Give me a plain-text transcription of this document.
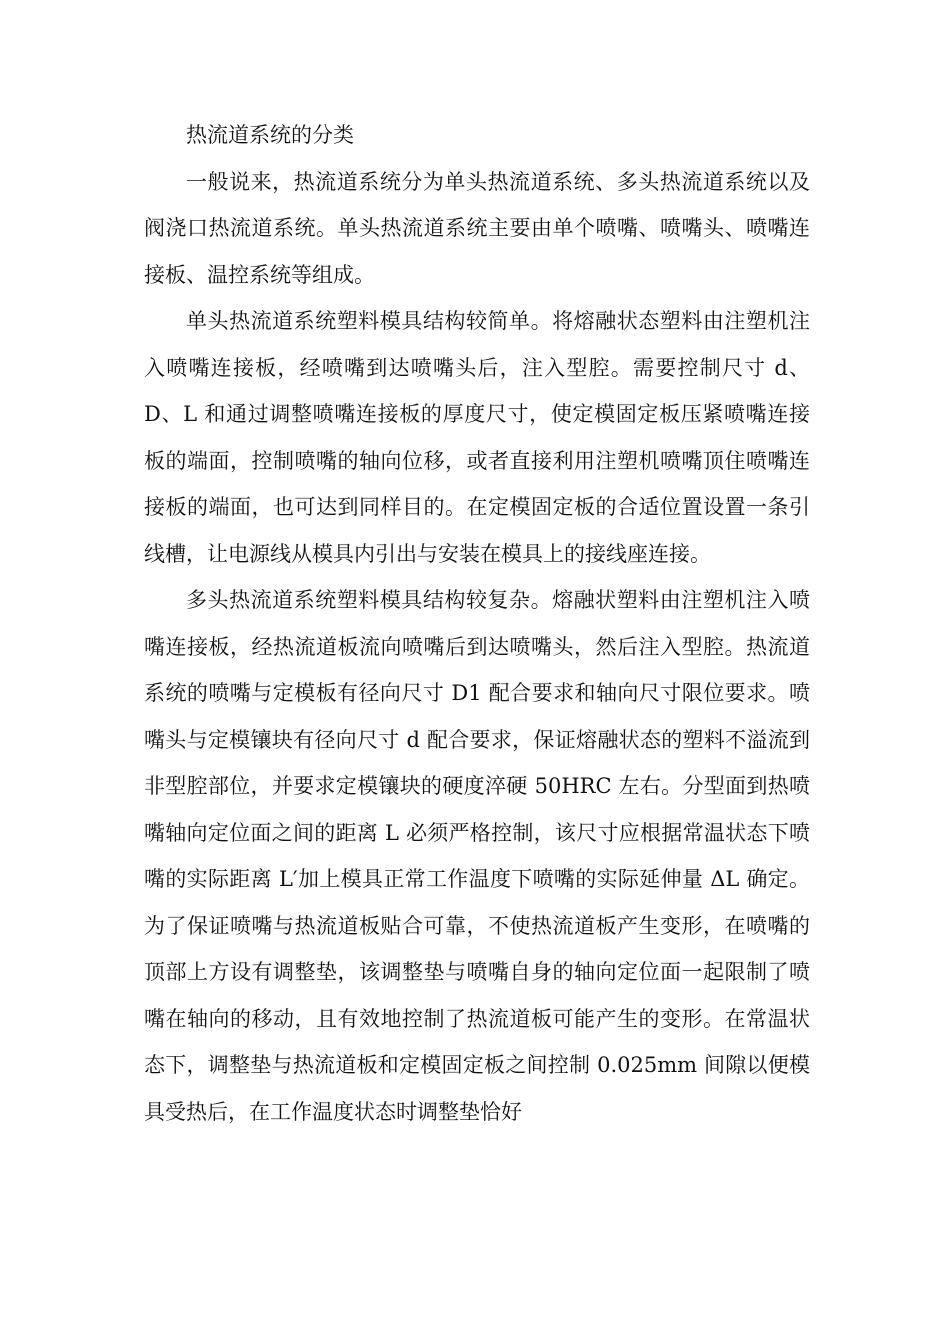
热流道系统的分类

一般说来，热流道系统分为单头热流道系统、多头热流道系统以及阀浇口热流道系统。单头热流道系统主要由单个喷嘴、喷嘴头、喷嘴连接板、温控系统等组成。

单头热流道系统塑料模具结构较简单。将熔融状态塑料由注塑机注入喷嘴连接板，经喷嘴到达喷嘴头后，注入型腔。需要控制尺寸 d、D、L 和通过调整喷嘴连接板的厚度尺寸，使定模固定板压紧喷嘴连接板的端面，控制喷嘴的轴向位移，或者直接利用注塑机喷嘴顶住喷嘴连接板的端面，也可达到同样目的。在定模固定板的合适位置设置一条引线槽，让电源线从模具内引出与安装在模具上的接线座连接。

多头热流道系统塑料模具结构较复杂。熔融状塑料由注塑机注入喷嘴连接板，经热流道板流向喷嘴后到达喷嘴头，然后注入型腔。热流道系统的喷嘴与定模板有径向尺寸 D1 配合要求和轴向尺寸限位要求。喷嘴头与定模镶块有径向尺寸 d 配合要求，保证熔融状态的塑料不溢流到非型腔部位，并要求定模镶块的硬度淬硬 50HRC 左右。分型面到热喷嘴轴向定位面之间的距离 L 必须严格控制，该尺寸应根据常温状态下喷嘴的实际距离 L′加上模具正常工作温度下喷嘴的实际延伸量 ΔL 确定。为了保证喷嘴与热流道板贴合可靠，不使热流道板产生变形，在喷嘴的顶部上方设有调整垫，该调整垫与喷嘴自身的轴向定位面一起限制了喷嘴在轴向的移动，且有效地控制了热流道板可能产生的变形。在常温状态下，调整垫与热流道板和定模固定板之间控制 0.025mm 间隙以便模具受热后，在工作温度状态时调整垫恰好
